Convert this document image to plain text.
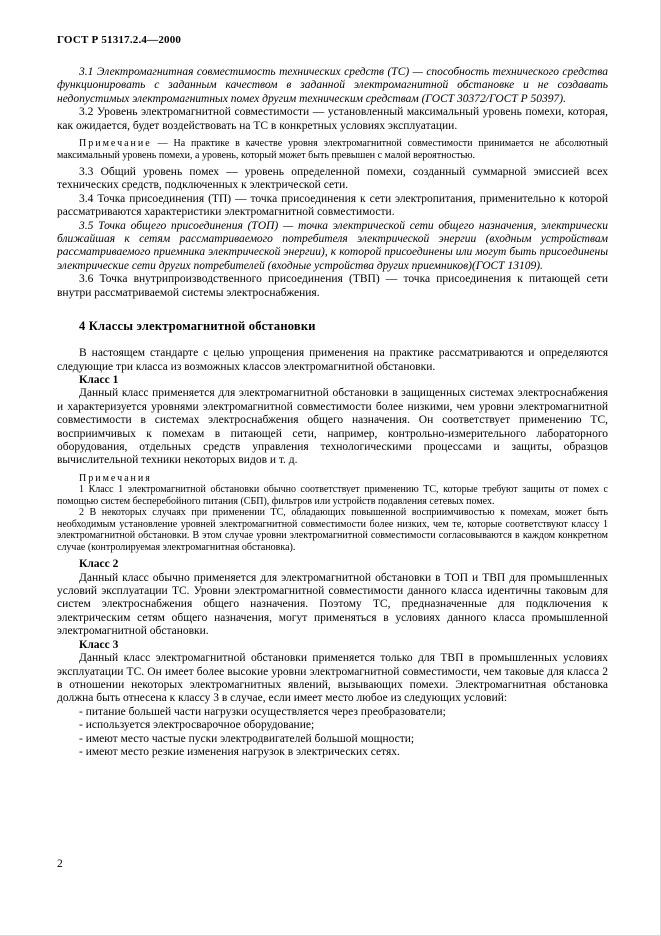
ГОСТ Р 51317.2.4—2000

3.1 Электромагнитная совместимость технических средств (ТС) — способность технического средства функционировать с заданным качеством в заданной электромагнитной обстановке и не создавать недопустимых электромагнитных помех другим техническим средствам (ГОСТ 30372/ГОСТ Р 50397).

3.2 Уровень электромагнитной совместимости — установленный максимальный уровень помехи, которая, как ожидается, будет воздействовать на ТС в конкретных условиях эксплуатации.

Примечание — На практике в качестве уровня электромагнитной совместимости принимается не абсолютный максимальный уровень помехи, а уровень, который может быть превышен с малой вероятностью.

3.3 Общий уровень помех — уровень определенной помехи, созданный суммарной эмиссией всех технических средств, подключенных к электрической сети.

3.4 Точка присоединения (ТП) — точка присоединения к сети электропитания, применительно к которой рассматриваются характеристики электромагнитной совместимости.

3.5 Точка общего присоединения (ТОП) — точка электрической сети общего назначения, электрически ближайшая к сетям рассматриваемого потребителя электрической энергии (входным устройствам рассматриваемого приемника электрической энергии), к которой присоединены или могут быть присоединены электрические сети других потребителей (входные устройства других приемников)(ГОСТ 13109).

3.6 Точка внутрипроизводственного присоединения (ТВП) — точка присоединения к питающей сети внутри рассматриваемой системы электроснабжения.

4 Классы электромагнитной обстановки

В настоящем стандарте с целью упрощения применения на практике рассматриваются и определяются следующие три класса из возможных классов электромагнитной обстановки.

Класс 1

Данный класс применяется для электромагнитной обстановки в защищенных системах электроснабжения и характеризуется уровнями электромагнитной совместимости более низкими, чем уровни электромагнитной совместимости в системах электроснабжения общего назначения. Он соответствует применению ТС, восприимчивых к помехам в питающей сети, например, контрольно-измерительного лабораторного оборудования, отдельных средств управления технологическими процессами и защиты, образцов вычислительной техники некоторых видов и т. д.

Примечания

1 Класс 1 электромагнитной обстановки обычно соответствует применению ТС, которые требуют защиты от помех с помощью систем бесперебойного питания (СБП), фильтров или устройств подавления сетевых помех.

2 В некоторых случаях при применении ТС, обладающих повышенной восприимчивостью к помехам, может быть необходимым установление уровней электромагнитной совместимости более низких, чем те, которые соответствуют классу 1 электромагнитной обстановки. В этом случае уровни электромагнитной совместимости согласовываются в каждом конкретном случае (контролируемая электромагнитная обстановка).

Класс 2

Данный класс обычно применяется для электромагнитной обстановки в ТОП и ТВП для промышленных условий эксплуатации ТС. Уровни электромагнитной совместимости данного класса идентичны таковым для систем электроснабжения общего назначения. Поэтому ТС, предназначенные для подключения к электрическим сетям общего назначения, могут применяться в условиях данного класса промышленной электромагнитной обстановки.

Класс 3

Данный класс электромагнитной обстановки применяется только для ТВП в промышленных условиях эксплуатации ТС. Он имеет более высокие уровни электромагнитной совместимости, чем таковые для класса 2 в отношении некоторых электромагнитных явлений, вызывающих помехи. Электромагнитная обстановка должна быть отнесена к классу 3 в случае, если имеет место любое из следующих условий:

- питание большей части нагрузки осуществляется через преобразователи;

- используется электросварочное оборудование;

- имеют место частые пуски электродвигателей большой мощности;

- имеют место резкие изменения нагрузок в электрических сетях.

2
